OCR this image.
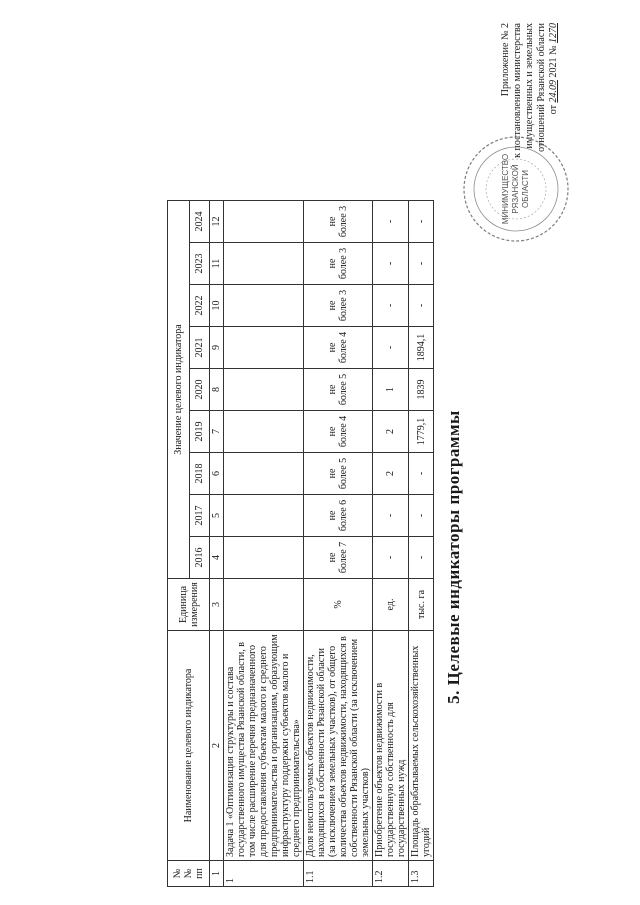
Приложение № 2 к постановлению министерства имущественных и земельных отношений Рязанской области от 24.09 2021 № 1270
МИНИМУЩЕСТВО РЯЗАНСКОЙ ОБЛАСТИ
5. Целевые индикаторы программы
№№ пп	Наименование целевого индикатора	Единица измерения	Значение целевого индикатора								
			2016	2017	2018	2019	2020	2021	2022	2023	2024
1	2	3	4	5	6	7	8	9	10	11	12
1	Задача 1 «Оптимизация структуры и состава государственного имущества Рязанской области, в том числе расширение перечня предназначенного для предоставления субъектам малого и среднего предпринимательства и организациям, образующим инфраструктуру поддержки субъектов малого и среднего предпринимательства»										
1.1	Доля неиспользуемых объектов недвижимости, находящихся в собственности Рязанской области (за исключением земельных участков), от общего количества объектов недвижимости, находящихся в собственности Рязанской области (за исключением земельных участков)	%	не более 7	не более 6	не более 5	не более 4	не более 5	не более 4	не более 3	не более 3	не более 3
1.2	Приобретение объектов недвижимости в государственную собственность для государственных нужд	ед.	-	-	2	2	1	-	-	-	-
1.3	Площадь обрабатываемых сельскохозяйственных угодий	тыс. га	-	-	-	1779,1	1839	1894,1	-	-	-
